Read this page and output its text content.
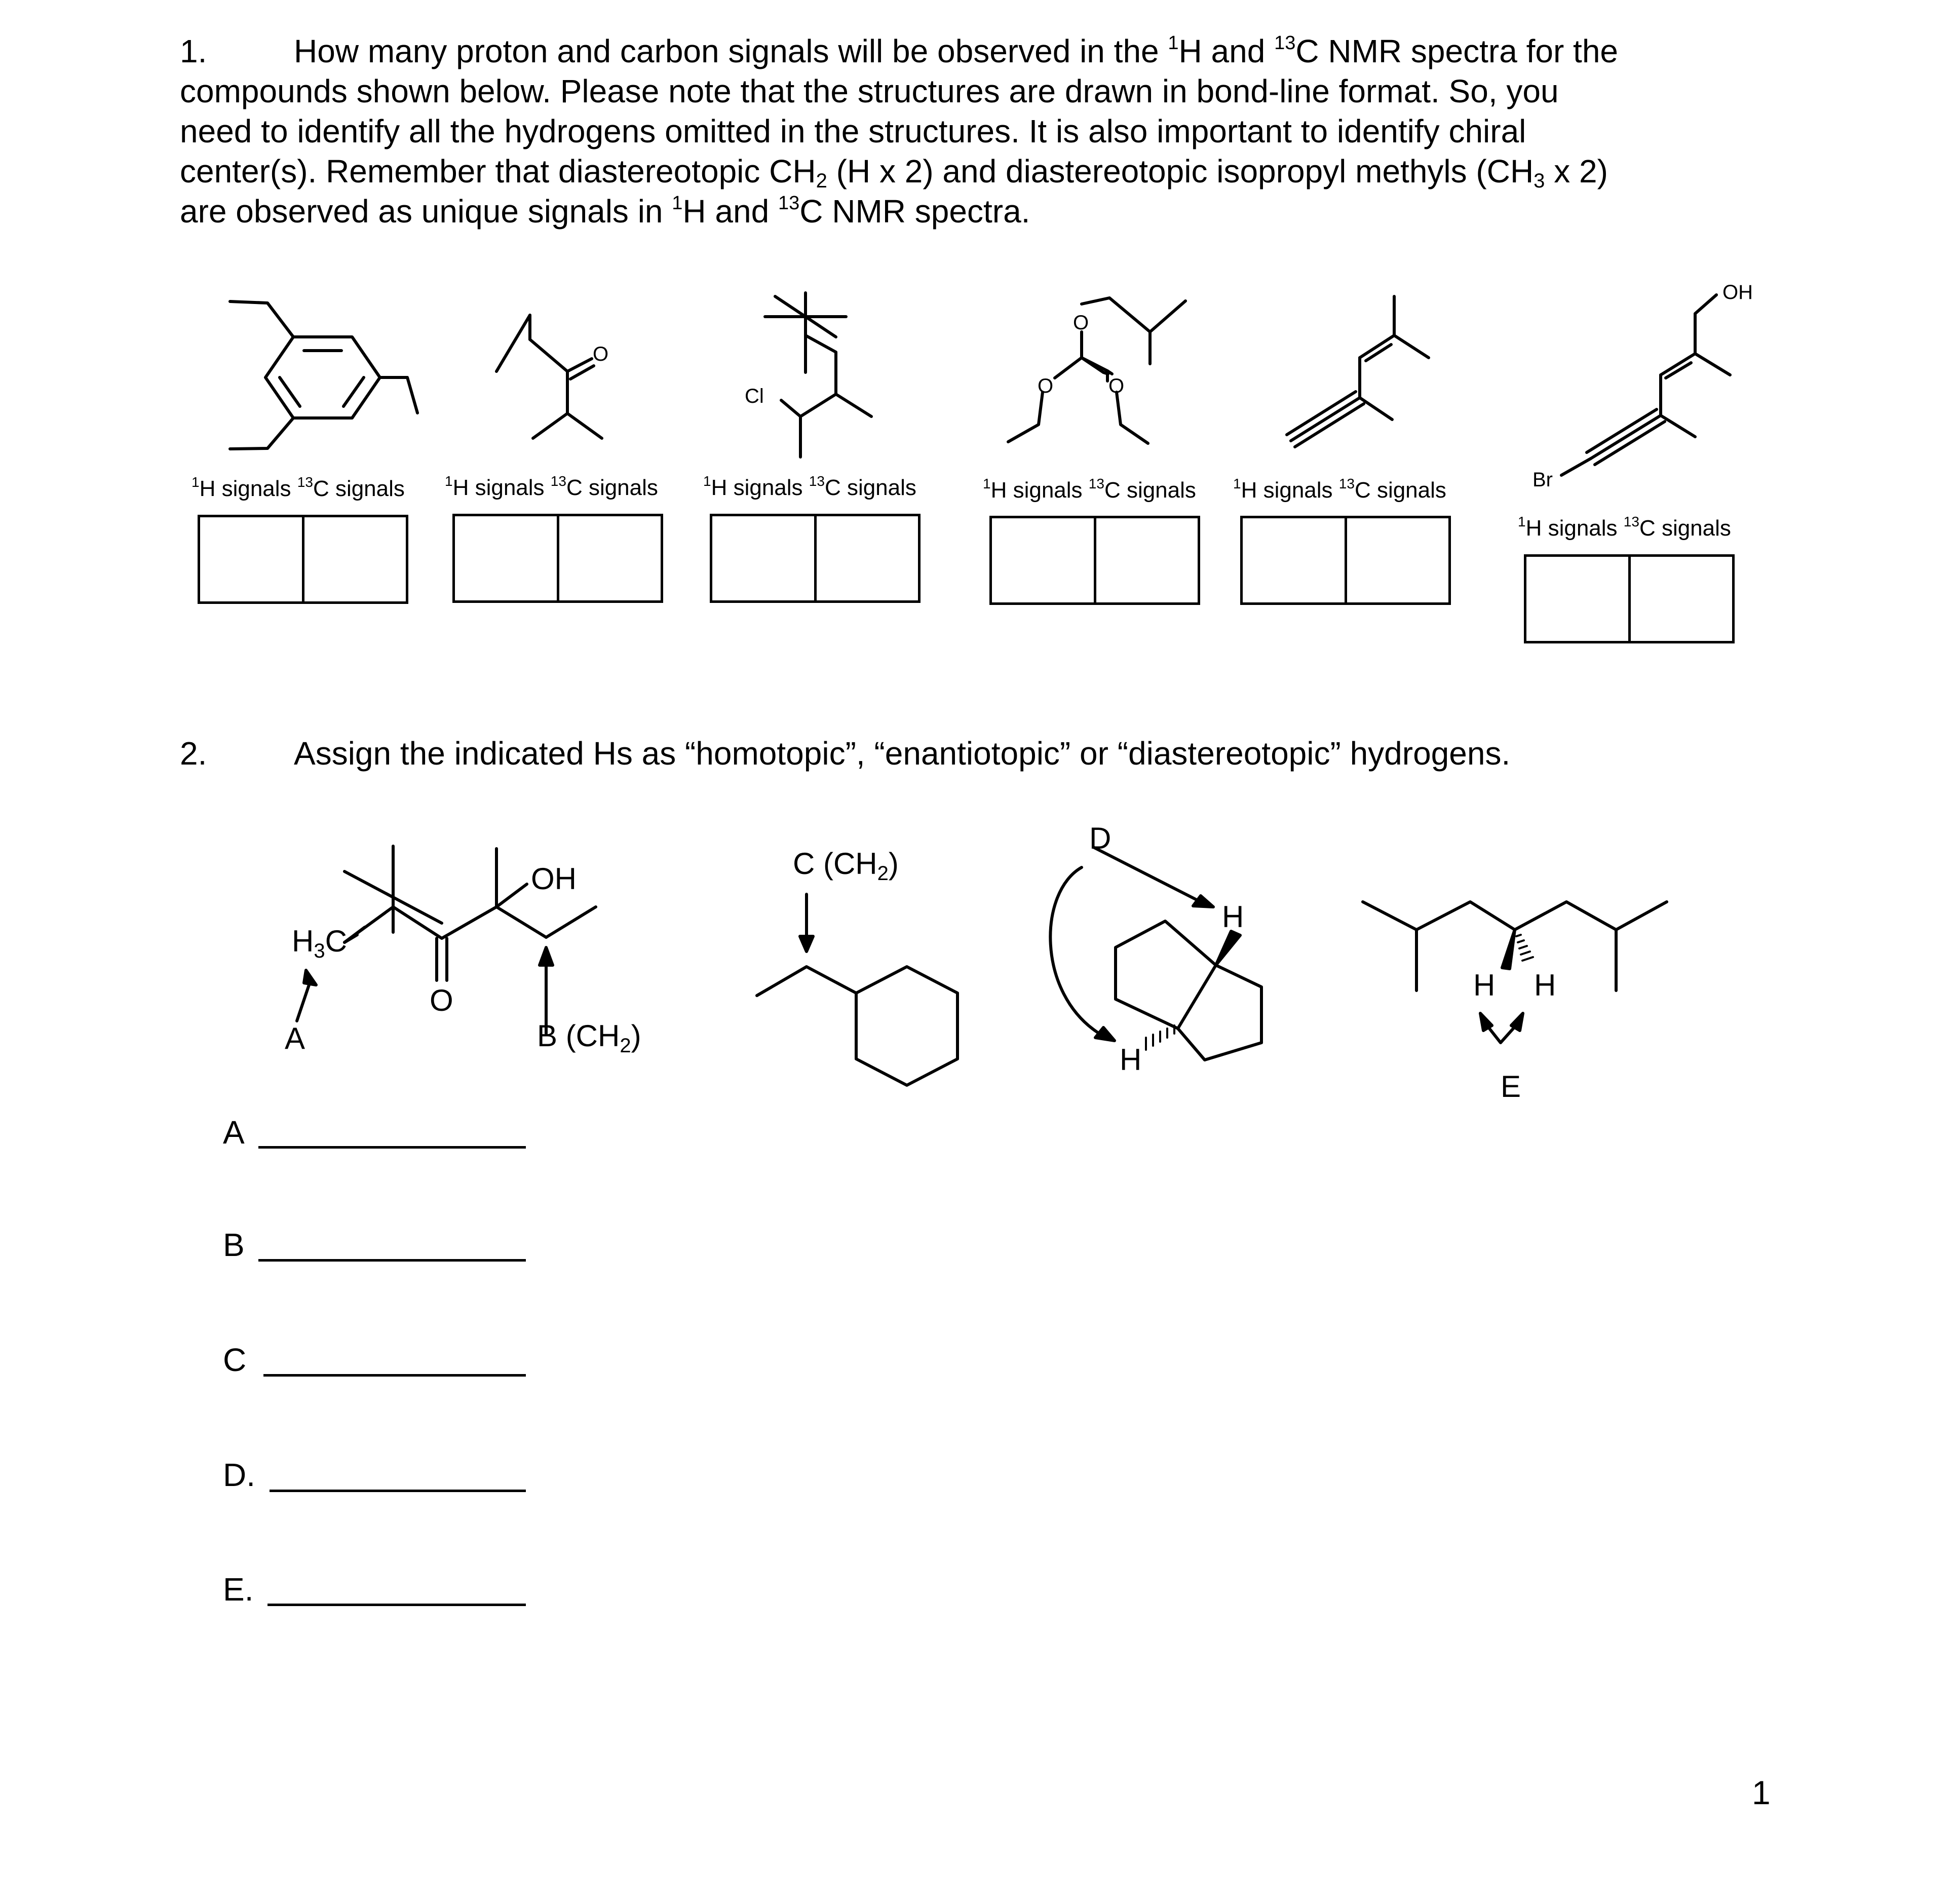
1.	How many proton and carbon signals will be observed in the $^1$H and $^{13}$C NMR spectra for the
compounds shown below. Please note that the structures are drawn in bond-line format. So, you
need to identify all the hydrogens omitted in the structures. It is also important to identify chiral
center(s). Remember that diastereotopic $CH_2$ (H x 2) and diastereotopic isopropyl methyls ($CH_3$ x 2)
are observed as unique signals in $^1$H and $^{13}$C NMR spectra.
$^1$H signals $^{13}$C signals	$^1$H signals $^{13}$C signals	$^1$H signals $^{13}$C signals	$^1$H signals $^{13}$C signals	$^1$H signals $^{13}$C signals
$^1$H signals $^{13}$C signals
O
Cl
O
O	O
OH
Br
OH
$H_3C$
O
A	B $(CH_2)$
C $(CH_2)$
D
H
H
H H
E
2.	Assign the indicated Hs as “homotopic”, “enantiotopic” or “diastereotopic” hydrogens.
A
B
C
D.
E.
1
